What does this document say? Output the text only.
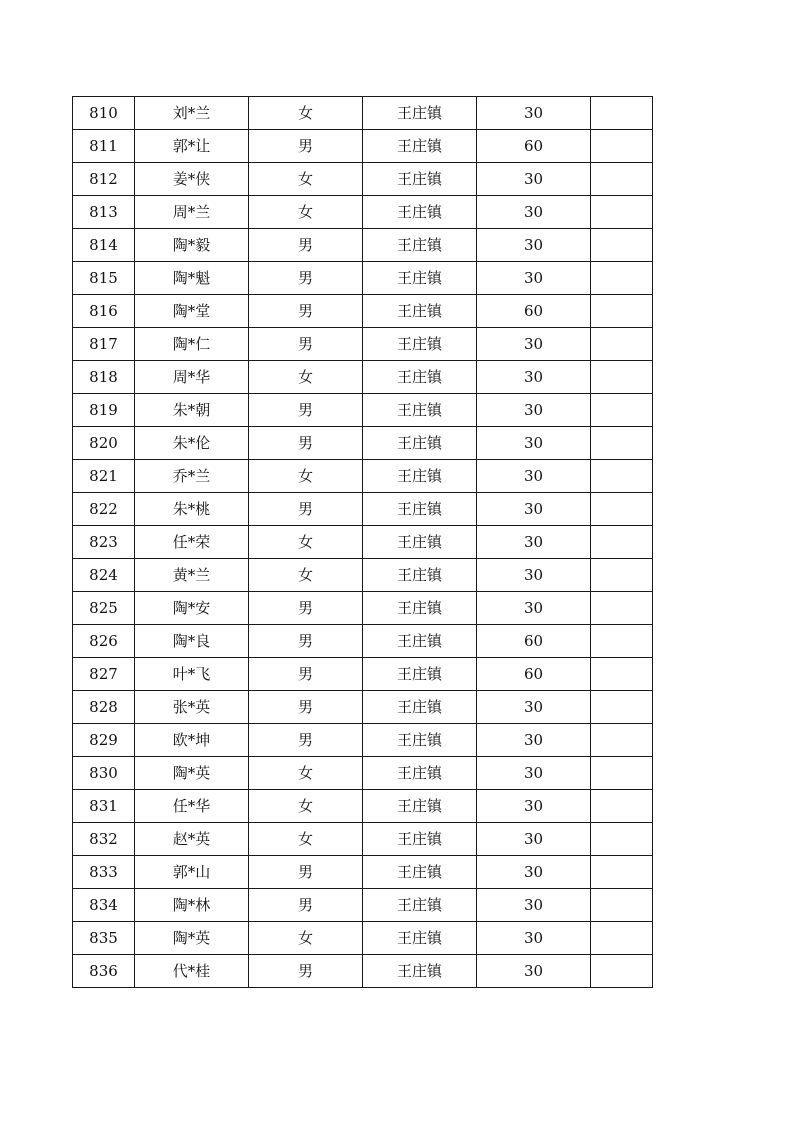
810	刘*兰	女	王庄镇	30	
811	郭*让	男	王庄镇	60	
812	姜*侠	女	王庄镇	30	
813	周*兰	女	王庄镇	30	
814	陶*毅	男	王庄镇	30	
815	陶*魁	男	王庄镇	30	
816	陶*堂	男	王庄镇	60	
817	陶*仁	男	王庄镇	30	
818	周*华	女	王庄镇	30	
819	朱*朝	男	王庄镇	30	
820	朱*伦	男	王庄镇	30	
821	乔*兰	女	王庄镇	30	
822	朱*桃	男	王庄镇	30	
823	任*荣	女	王庄镇	30	
824	黄*兰	女	王庄镇	30	
825	陶*安	男	王庄镇	30	
826	陶*良	男	王庄镇	60	
827	叶*飞	男	王庄镇	60	
828	张*英	男	王庄镇	30	
829	欧*坤	男	王庄镇	30	
830	陶*英	女	王庄镇	30	
831	任*华	女	王庄镇	30	
832	赵*英	女	王庄镇	30	
833	郭*山	男	王庄镇	30	
834	陶*林	男	王庄镇	30	
835	陶*英	女	王庄镇	30	
836	代*桂	男	王庄镇	30	
